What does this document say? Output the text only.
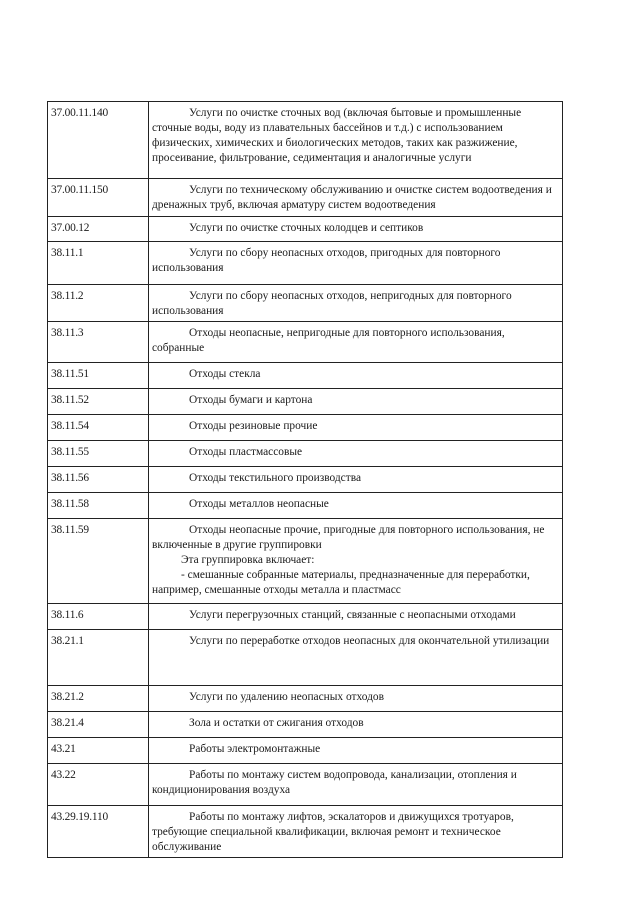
37.00.11.140	Услуги по очистке сточных вод (включая бытовые и промышленные сточные воды, воду из плавательных бассейнов и т.д.) с использованием физических, химических и биологических методов, таких как разжижение, просеивание, фильтрование, седиментация и аналогичные услуги

37.00.11.150	Услуги по техническому обслуживанию и очистке систем водоотведения и дренажных труб, включая арматуру систем водоотведения

37.00.12	Услуги по очистке сточных колодцев и септиков

38.11.1	Услуги по сбору неопасных отходов, пригодных для повторного использования

38.11.2	Услуги по сбору неопасных отходов, непригодных для повторного использования

38.11.3	Отходы неопасные, непригодные для повторного использования, собранные

38.11.51	Отходы стекла

38.11.52	Отходы бумаги и картона

38.11.54	Отходы резиновые прочие

38.11.55	Отходы пластмассовые

38.11.56	Отходы текстильного производства

38.11.58	Отходы металлов неопасные

38.11.59	Отходы неопасные прочие, пригодные для повторного использования, не включенные в другие группировки

Эта группировка включает:

- смешанные собранные материалы, предназначенные для переработки, например, смешанные отходы металла и пластмасс

38.11.6	Услуги перегрузочных станций, связанные с неопасными отходами

38.21.1	Услуги по переработке отходов неопасных для окончательной утилизации

38.21.2	Услуги по удалению неопасных отходов

38.21.4	Зола и остатки от сжигания отходов

43.21	Работы электромонтажные

43.22	Работы по монтажу систем водопровода, канализации, отопления и кондиционирования воздуха

43.29.19.110	Работы по монтажу лифтов, эскалаторов и движущихся тротуаров, требующие специальной квалификации, включая ремонт и техническое обслуживание
